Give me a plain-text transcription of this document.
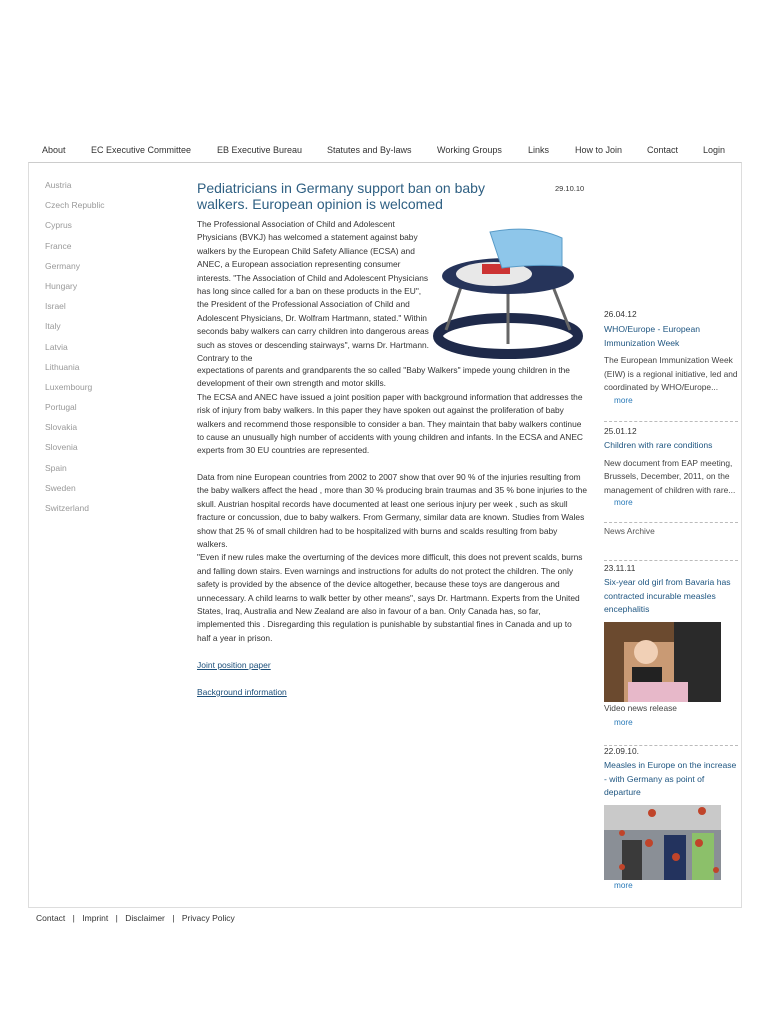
About	EC Executive Committee	EB Executive Bureau	Statutes and By-laws	Working Groups	Links	How to Join	Contact	Login
Austria
Czech Republic
Cyprus
France
Germany
Hungary
Israel
Italy
Latvia
Lithuania
Luxembourg
Portugal
Slovakia
Slovenia
Spain
Sweden
Switzerland
Pediatricians in Germany support ban on baby walkers. European opinion is welcomed
29.10.10
The Professional Association of Child and Adolescent Physicians (BVKJ) has welcomed a statement against baby walkers by the European Child Safety Alliance (ECSA) and ANEC, a European association representing consumer interests. "The Association of Child and Adolescent Physicians has long since called for a ban on these products in the EU", the President of the Professional Association of Child and Adolescent Physicians, Dr. Wolfram Hartmann, stated." Within seconds baby walkers can carry children into dangerous areas such as stoves or descending stairways", warns Dr. Hartmann. Contrary to the
expectations of parents and grandparents the so called "Baby Walkers" impede young children in the development of their own strength and motor skills.
The ECSA and ANEC have issued a joint position paper with background information that addresses the risk of injury from baby walkers. In this paper they have spoken out against the proliferation of baby walkers and recommend those responsible to consider a ban. They maintain that baby walkers continue to cause an unusually high number of accidents with young children and infants. In the ECSA and ANEC experts from 30 EU countries are represented.
Data from nine European countries from 2002 to 2007 show that over 90 % of the injuries resulting from the baby walkers affect the head , more than 30 % producing brain traumas and 35 % bone injuries to the skull. Austrian hospital records have documented at least one serious injury per week , such as skull fracture or concussion, due to baby walkers. From Germany, similar data are known. Studies from Wales show that 25 % of small children had to be hospitalized with burns and scalds resulting from baby walkers.
"Even if new rules make the overturning of the devices more difficult, this does not prevent scalds, burns and falling down stairs. Even warnings and instructions for adults do not protect the children. The only safety is provided by the absence of the device altogether, because these toys are dangerous and unnecessary. A child learns to walk better by other means", says Dr. Hartmann. Experts from the United States, Iraq, Australia and New Zealand are also in favour of a ban. Only Canada has, so far, implemented this . Disregarding this regulation is punishable by substantial fines in Canada and up to half a year in prison.
Joint position paper
Background information
26.04.12
WHO/Europe - European Immunization Week
The European Immunization Week (EIW) is a regional initiative, led and coordinated by WHO/Europe...
more
25.01.12
Children with rare conditions
New document from EAP meeting, Brussels, December, 2011, on the management of children with rare...
more
News Archive
23.11.11
Six-year old girl from Bavaria has contracted incurable measles encephalitis
Video news release
more
22.09.10.
Measles in Europe on the increase - with Germany as point of departure
more
Contact | Imprint | Disclaimer | Privacy Policy
